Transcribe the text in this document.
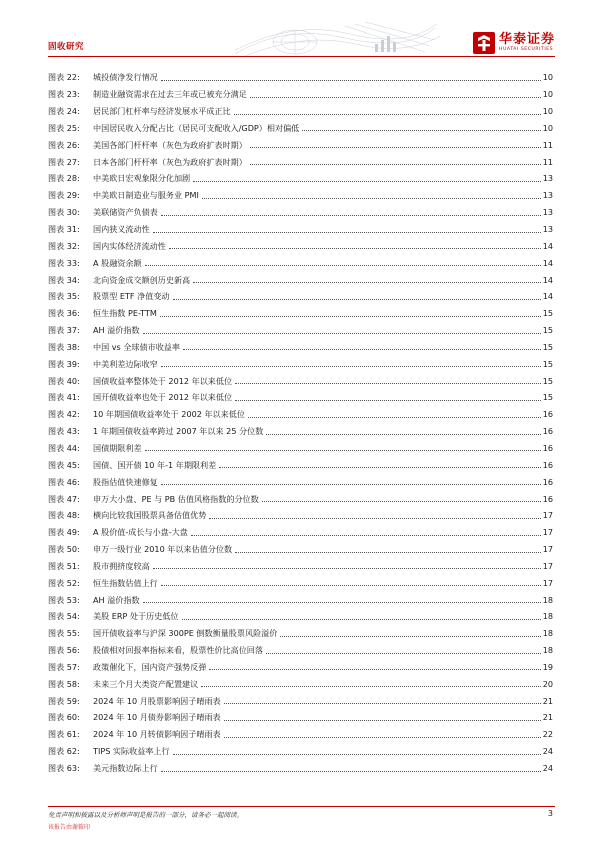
固收研究	华泰证券
HUATAI SECURITIES
图表 22:	城投债净发行情况	10
图表 23:	制造业融资需求在过去三年或已被充分满足	10
图表 24:	居民部门杠杆率与经济发展水平成正比	10
图表 25:	中国居民收入分配占比（居民可支配收入/GDP）相对偏低	10
图表 26:	美国各部门杆杆率（灰色为政府扩表时期）	11
图表 27:	日本各部门杆杆率（灰色为政府扩表时期）	11
图表 28:	中美欧日宏观象限分化加剧	13
图表 29:	中美欧日制造业与服务业 PMI	13
图表 30:	美联储资产负债表	13
图表 31:	国内狭义流动性	13
图表 32:	国内实体经济流动性	14
图表 33:	A 股融资余额	14
图表 34:	北向资金成交额创历史新高	14
图表 35:	股票型 ETF 净值变动	14
图表 36:	恒生指数 PE-TTM	15
图表 37:	AH 溢价指数	15
图表 38:	中国 vs 全球债市收益率	15
图表 39:	中美利差边际收窄	15
图表 40:	国债收益率整体处于 2012 年以来低位	15
图表 41:	国开债收益率也处于 2012 年以来低位	15
图表 42:	10 年期国债收益率处于 2002 年以来低位	16
图表 43:	1 年期国债收益率跨过 2007 年以来 25 分位数	16
图表 44:	国债期限利差	16
图表 45:	国债、国开债 10 年-1 年期限利差	16
图表 46:	股指估值快速修复	16
图表 47:	申万大小盘、PE 与 PB 估值风格指数的分位数	16
图表 48:	横向比较我国股票具备估值优势	17
图表 49:	A 股价值-成长与小盘-大盘	17
图表 50:	申万一级行业 2010 年以来估值分位数	17
图表 51:	股市拥挤度较高	17
图表 52:	恒生指数估值上行	17
图表 53:	AH 溢价指数	18
图表 54:	美股 ERP 处于历史低位	18
图表 55:	国开债收益率与沪深 300PE 倒数衡量股票风险溢价	18
图表 56:	股债相对回报率指标来看，股票性价比高位回落	18
图表 57:	政策催化下，国内资产强势反弹	19
图表 58:	未来三个月大类资产配置建议	20
图表 59:	2024 年 10 月股票影响因子晴雨表	21
图表 60:	2024 年 10 月债券影响因子晴雨表	21
图表 61:	2024 年 10 月转债影响因子晴雨表	22
图表 62:	TIPS 实际收益率上行	24
图表 63:	美元指数边际上行	24
免责声明和披露以及分析师声明是报告的一部分，请务必一起阅读。	3
该报告由谢筱印
